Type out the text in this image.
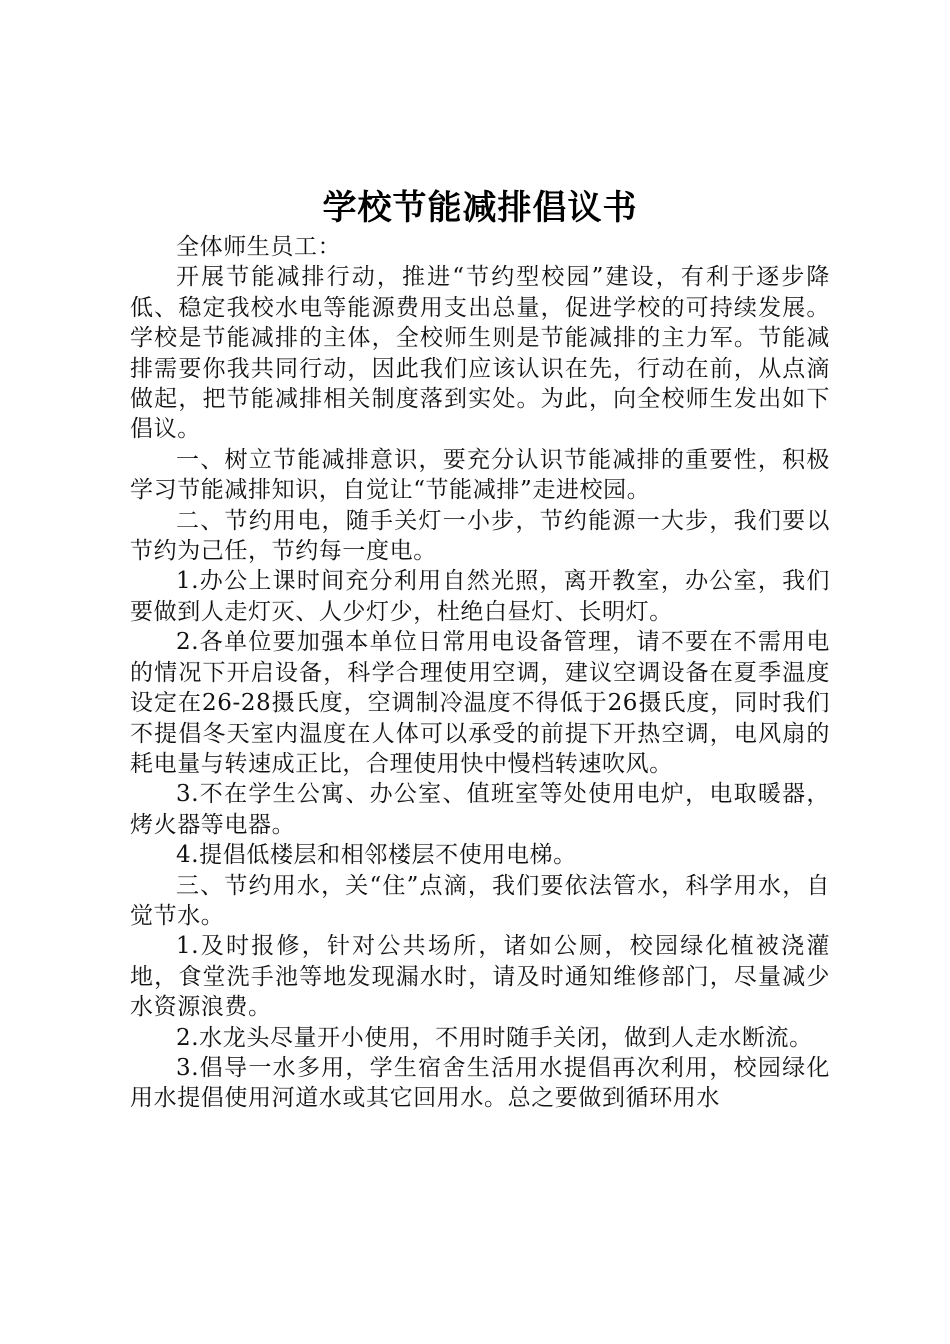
学校节能减排倡议书

全体师生员工：

开展节能减排行动，推进“节约型校园”建设，有利于逐步降低、稳定我校水电等能源费用支出总量，促进学校的可持续发展。学校是节能减排的主体，全校师生则是节能减排的主力军。节能减排需要你我共同行动，因此我们应该认识在先，行动在前，从点滴做起，把节能减排相关制度落到实处。为此，向全校师生发出如下倡议。

一、树立节能减排意识，要充分认识节能减排的重要性，积极学习节能减排知识，自觉让“节能减排”走进校园。

二、节约用电，随手关灯一小步，节约能源一大步，我们要以节约为己任，节约每一度电。

1.办公上课时间充分利用自然光照，离开教室，办公室，我们要做到人走灯灭、人少灯少，杜绝白昼灯、长明灯。

2.各单位要加强本单位日常用电设备管理，请不要在不需用电的情况下开启设备，科学合理使用空调，建议空调设备在夏季温度设定在26-28摄氏度，空调制冷温度不得低于26摄氏度，同时我们不提倡冬天室内温度在人体可以承受的前提下开热空调，电风扇的耗电量与转速成正比，合理使用快中慢档转速吹风。

3.不在学生公寓、办公室、值班室等处使用电炉，电取暖器，烤火器等电器。

4.提倡低楼层和相邻楼层不使用电梯。

三、节约用水，关“住”点滴，我们要依法管水，科学用水，自觉节水。

1.及时报修，针对公共场所，诸如公厕，校园绿化植被浇灌地，食堂洗手池等地发现漏水时，请及时通知维修部门，尽量减少水资源浪费。

2.水龙头尽量开小使用，不用时随手关闭，做到人走水断流。

3.倡导一水多用，学生宿舍生活用水提倡再次利用，校园绿化用水提倡使用河道水或其它回用水。总之要做到循环用水
